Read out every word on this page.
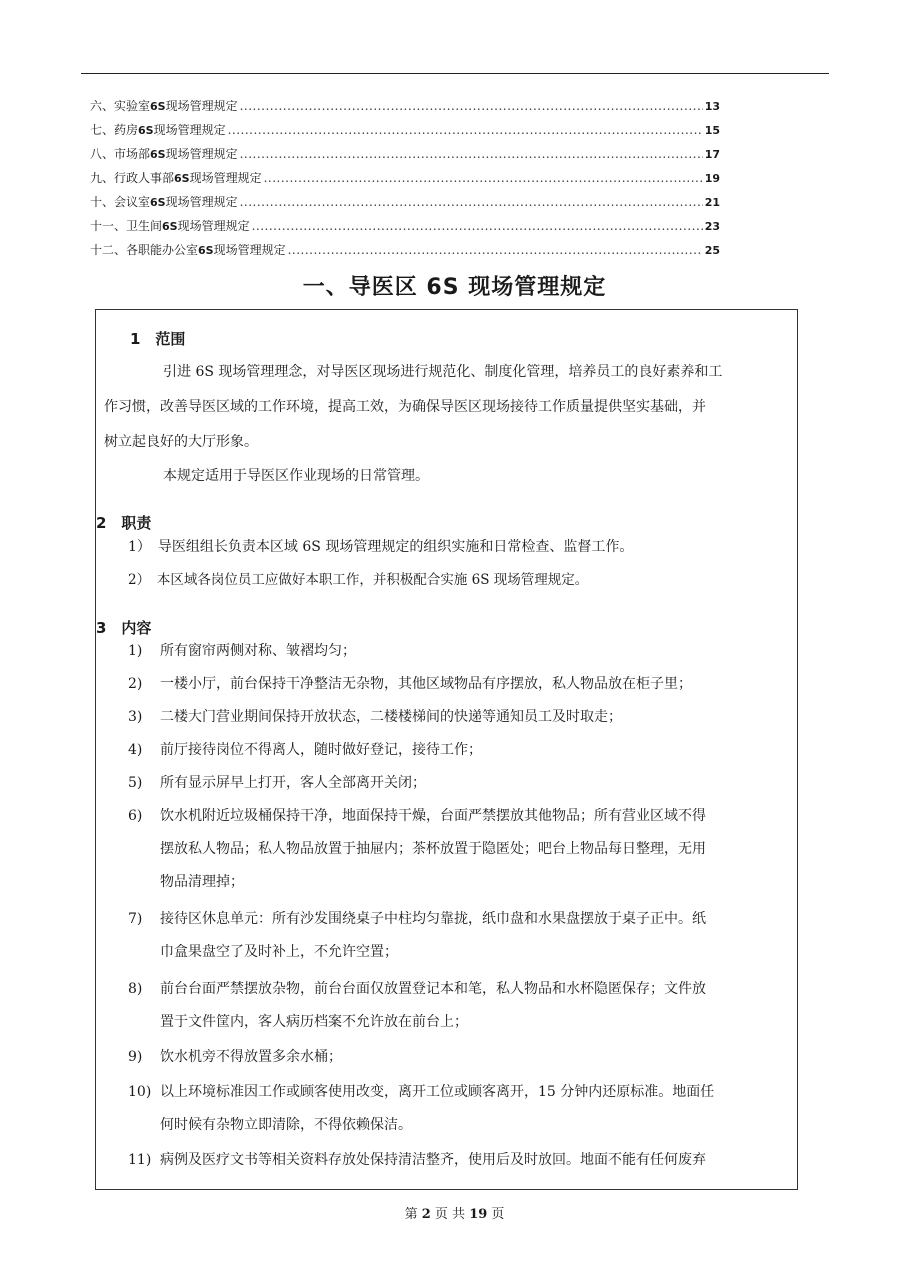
六、实验室6S现场管理规定 .....	13
七、药房6S现场管理规定 .....	15
八、市场部6S现场管理规定 .....	17
九、行政人事部6S现场管理规定 .....	19
十、会议室6S现场管理规定 .....	21
十一、卫生间6S现场管理规定 .....	23
十二、各职能办公室6S现场管理规定 .....	25
一、导医区 6S 现场管理规定
1　范围
引进 6S 现场管理理念，对导医区现场进行规范化、制度化管理，培养员工的良好素养和工
作习惯，改善导医区域的工作环境，提高工效，为确保导医区现场接待工作质量提供坚实基础，并
树立起良好的大厅形象。
本规定适用于导医区作业现场的日常管理。
2　职责
1）　 导医组组长负责本区域 6S 现场管理规定的组织实施和日常检查、监督工作。
2）　 本区域各岗位员工应做好本职工作，并积极配合实施 6S 现场管理规定。
3　内容
1) 所有窗帘两侧对称、皱褶均匀；
2) 一楼小厅，前台保持干净整洁无杂物，其他区域物品有序摆放，私人物品放在柜子里；
3) 二楼大门营业期间保持开放状态，二楼楼梯间的快递等通知员工及时取走；
4) 前厅接待岗位不得离人，随时做好登记，接待工作；
5) 所有显示屏早上打开，客人全部离开关闭；
6) 饮水机附近垃圾桶保持干净，地面保持干燥，台面严禁摆放其他物品；所有营业区域不得
摆放私人物品；私人物品放置于抽屉内；茶杯放置于隐匿处；吧台上物品每日整理，无用
物品清理掉；
7) 接待区休息单元：所有沙发围绕桌子中柱均匀靠拢，纸巾盘和水果盘摆放于桌子正中。纸
巾盒果盘空了及时补上，不允许空置；
8) 前台台面严禁摆放杂物，前台台面仅放置登记本和笔，私人物品和水杯隐匿保存；文件放
置于文件筐内，客人病历档案不允许放在前台上；
9) 饮水机旁不得放置多余水桶；
10) 以上环境标准因工作或顾客使用改变，离开工位或顾客离开，15 分钟内还原标准。地面任
何时候有杂物立即清除，不得依赖保洁。
11) 病例及医疗文书等相关资料存放处保持清洁整齐，使用后及时放回。地面不能有任何废弃
第 2 页 共 19 页
